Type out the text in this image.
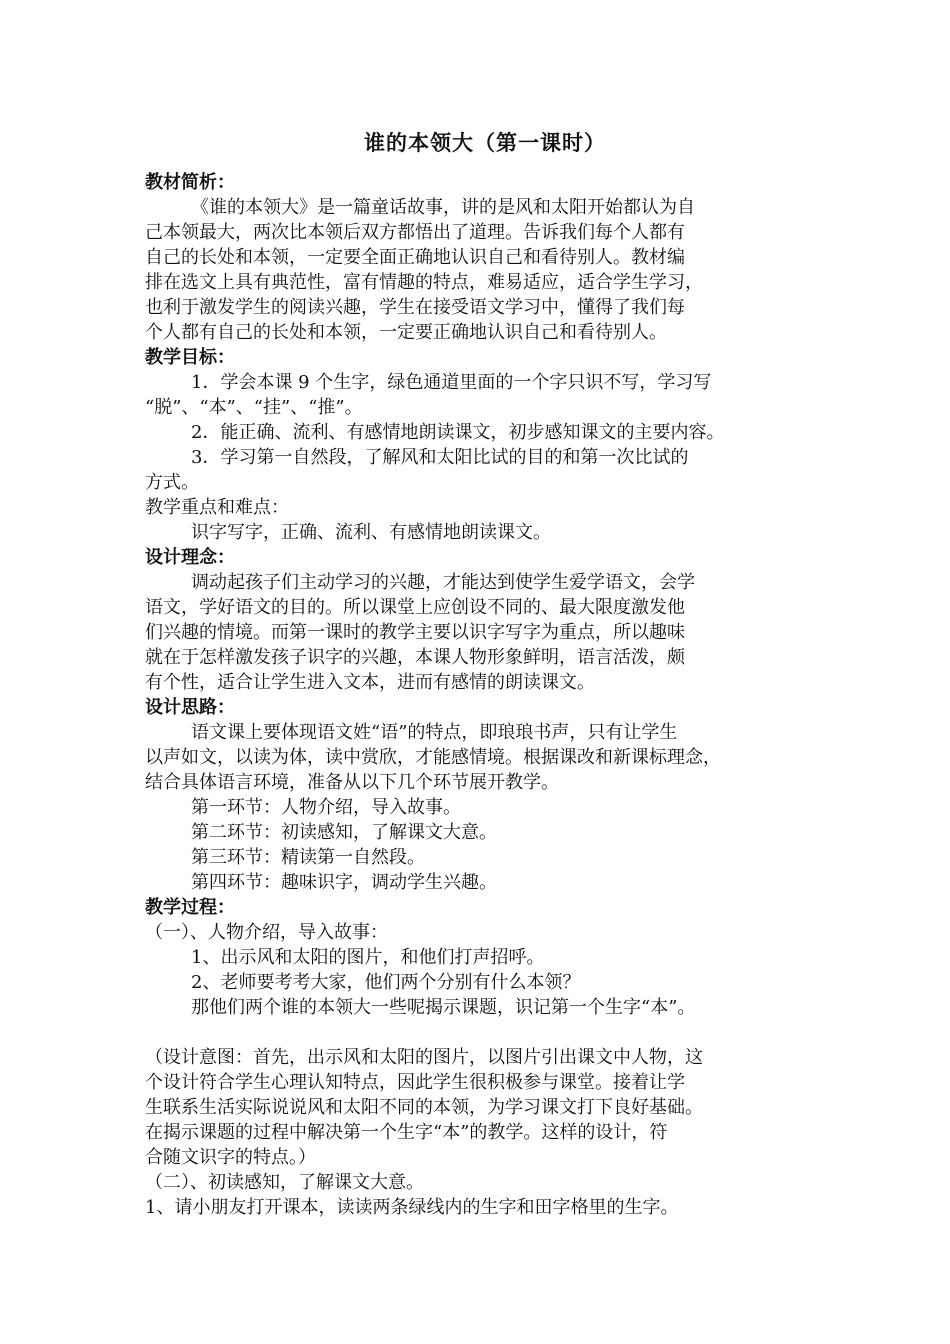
谁的本领大（第一课时）
教材简析：

《谁的本领大》是一篇童话故事，讲的是风和太阳开始都认为自

己本领最大，两次比本领后双方都悟出了道理。告诉我们每个人都有

自己的长处和本领，一定要全面正确地认识自己和看待别人。教材编

排在选文上具有典范性，富有情趣的特点，难易适应，适合学生学习，

也利于激发学生的阅读兴趣，学生在接受语文学习中，懂得了我们每

个人都有自己的长处和本领，一定要正确地认识自己和看待别人。

教学目标：

1．学会本课 9 个生字，绿色通道里面的一个字只识不写，学习写

“脱”、“本”、“挂”、“推”。

2．能正确、流利、有感情地朗读课文，初步感知课文的主要内容。

3．学习第一自然段，了解风和太阳比试的目的和第一次比试的

方式。

教学重点和难点：

识字写字，正确、流利、有感情地朗读课文。

设计理念：

调动起孩子们主动学习的兴趣，才能达到使学生爱学语文，会学

语文，学好语文的目的。所以课堂上应创设不同的、最大限度激发他

们兴趣的情境。而第一课时的教学主要以识字写字为重点，所以趣味

就在于怎样激发孩子识字的兴趣，本课人物形象鲜明，语言活泼，颇

有个性，适合让学生进入文本，进而有感情的朗读课文。

设计思路：

语文课上要体现语文姓“语”的特点，即琅琅书声，只有让学生

以声如文，以读为体，读中赏欣，才能感情境。根据课改和新课标理念，

结合具体语言环境，准备从以下几个环节展开教学。

第一环节：人物介绍，导入故事。

第二环节：初读感知，了解课文大意。

第三环节：精读第一自然段。

第四环节：趣味识字，调动学生兴趣。

教学过程：

（一）、人物介绍，导入故事：

1、出示风和太阳的图片，和他们打声招呼。

2、老师要考考大家，他们两个分别有什么本领？

那他们两个谁的本领大一些呢揭示课题，识记第一个生字“本”。

（设计意图：首先，出示风和太阳的图片，以图片引出课文中人物，这

个设计符合学生心理认知特点，因此学生很积极参与课堂。接着让学

生联系生活实际说说风和太阳不同的本领，为学习课文打下良好基础。

在揭示课题的过程中解决第一个生字“本”的教学。这样的设计，符

合随文识字的特点。）

（二）、初读感知，了解课文大意。

1、请小朋友打开课本，读读两条绿线内的生字和田字格里的生字。
